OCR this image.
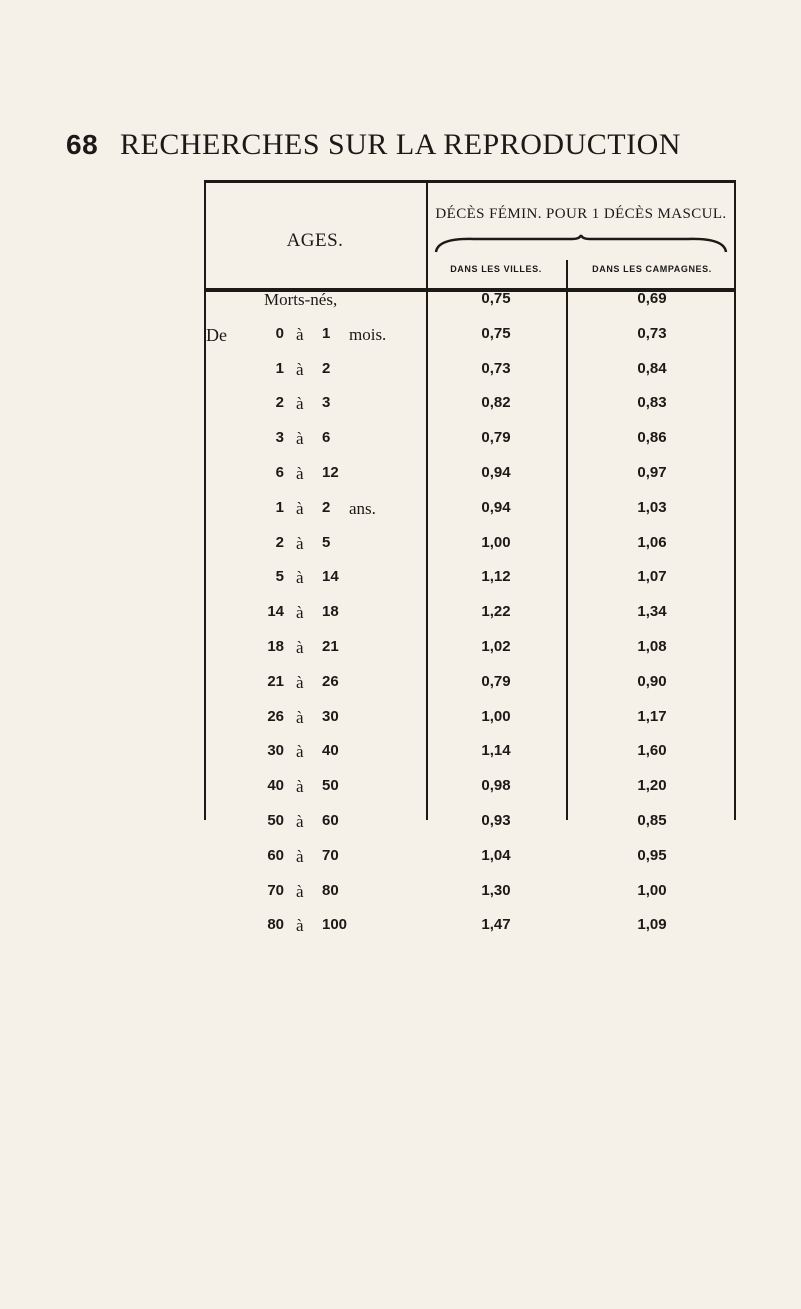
68 RECHERCHES SUR LA REPRODUCTION
AGES.
DÉCÈS FÉMIN. POUR 1 DÉCÈS MASCUL.
DANS LES VILLES.	DANS LES CAMPAGNES.
Morts-nés,	0,75	0,69
De	0 à 1 mois.	0,75	0,73
1 à 2	0,73	0,84
2 à 3	0,82	0,83
3 à 6	0,79	0,86
6 à 12	0,94	0,97
1 à 2 ans.	0,94	1,03
2 à 5	1,00	1,06
5 à 14	1,12	1,07
14 à 18	1,22	1,34
18 à 21	1,02	1,08
21 à 26	0,79	0,90
26 à 30	1,00	1,17
30 à 40	1,14	1,60
40 à 50	0,98	1,20
50 à 60	0,93	0,85
60 à 70	1,04	0,95
70 à 80	1,30	1,00
80 à 100	1,47	1,09
